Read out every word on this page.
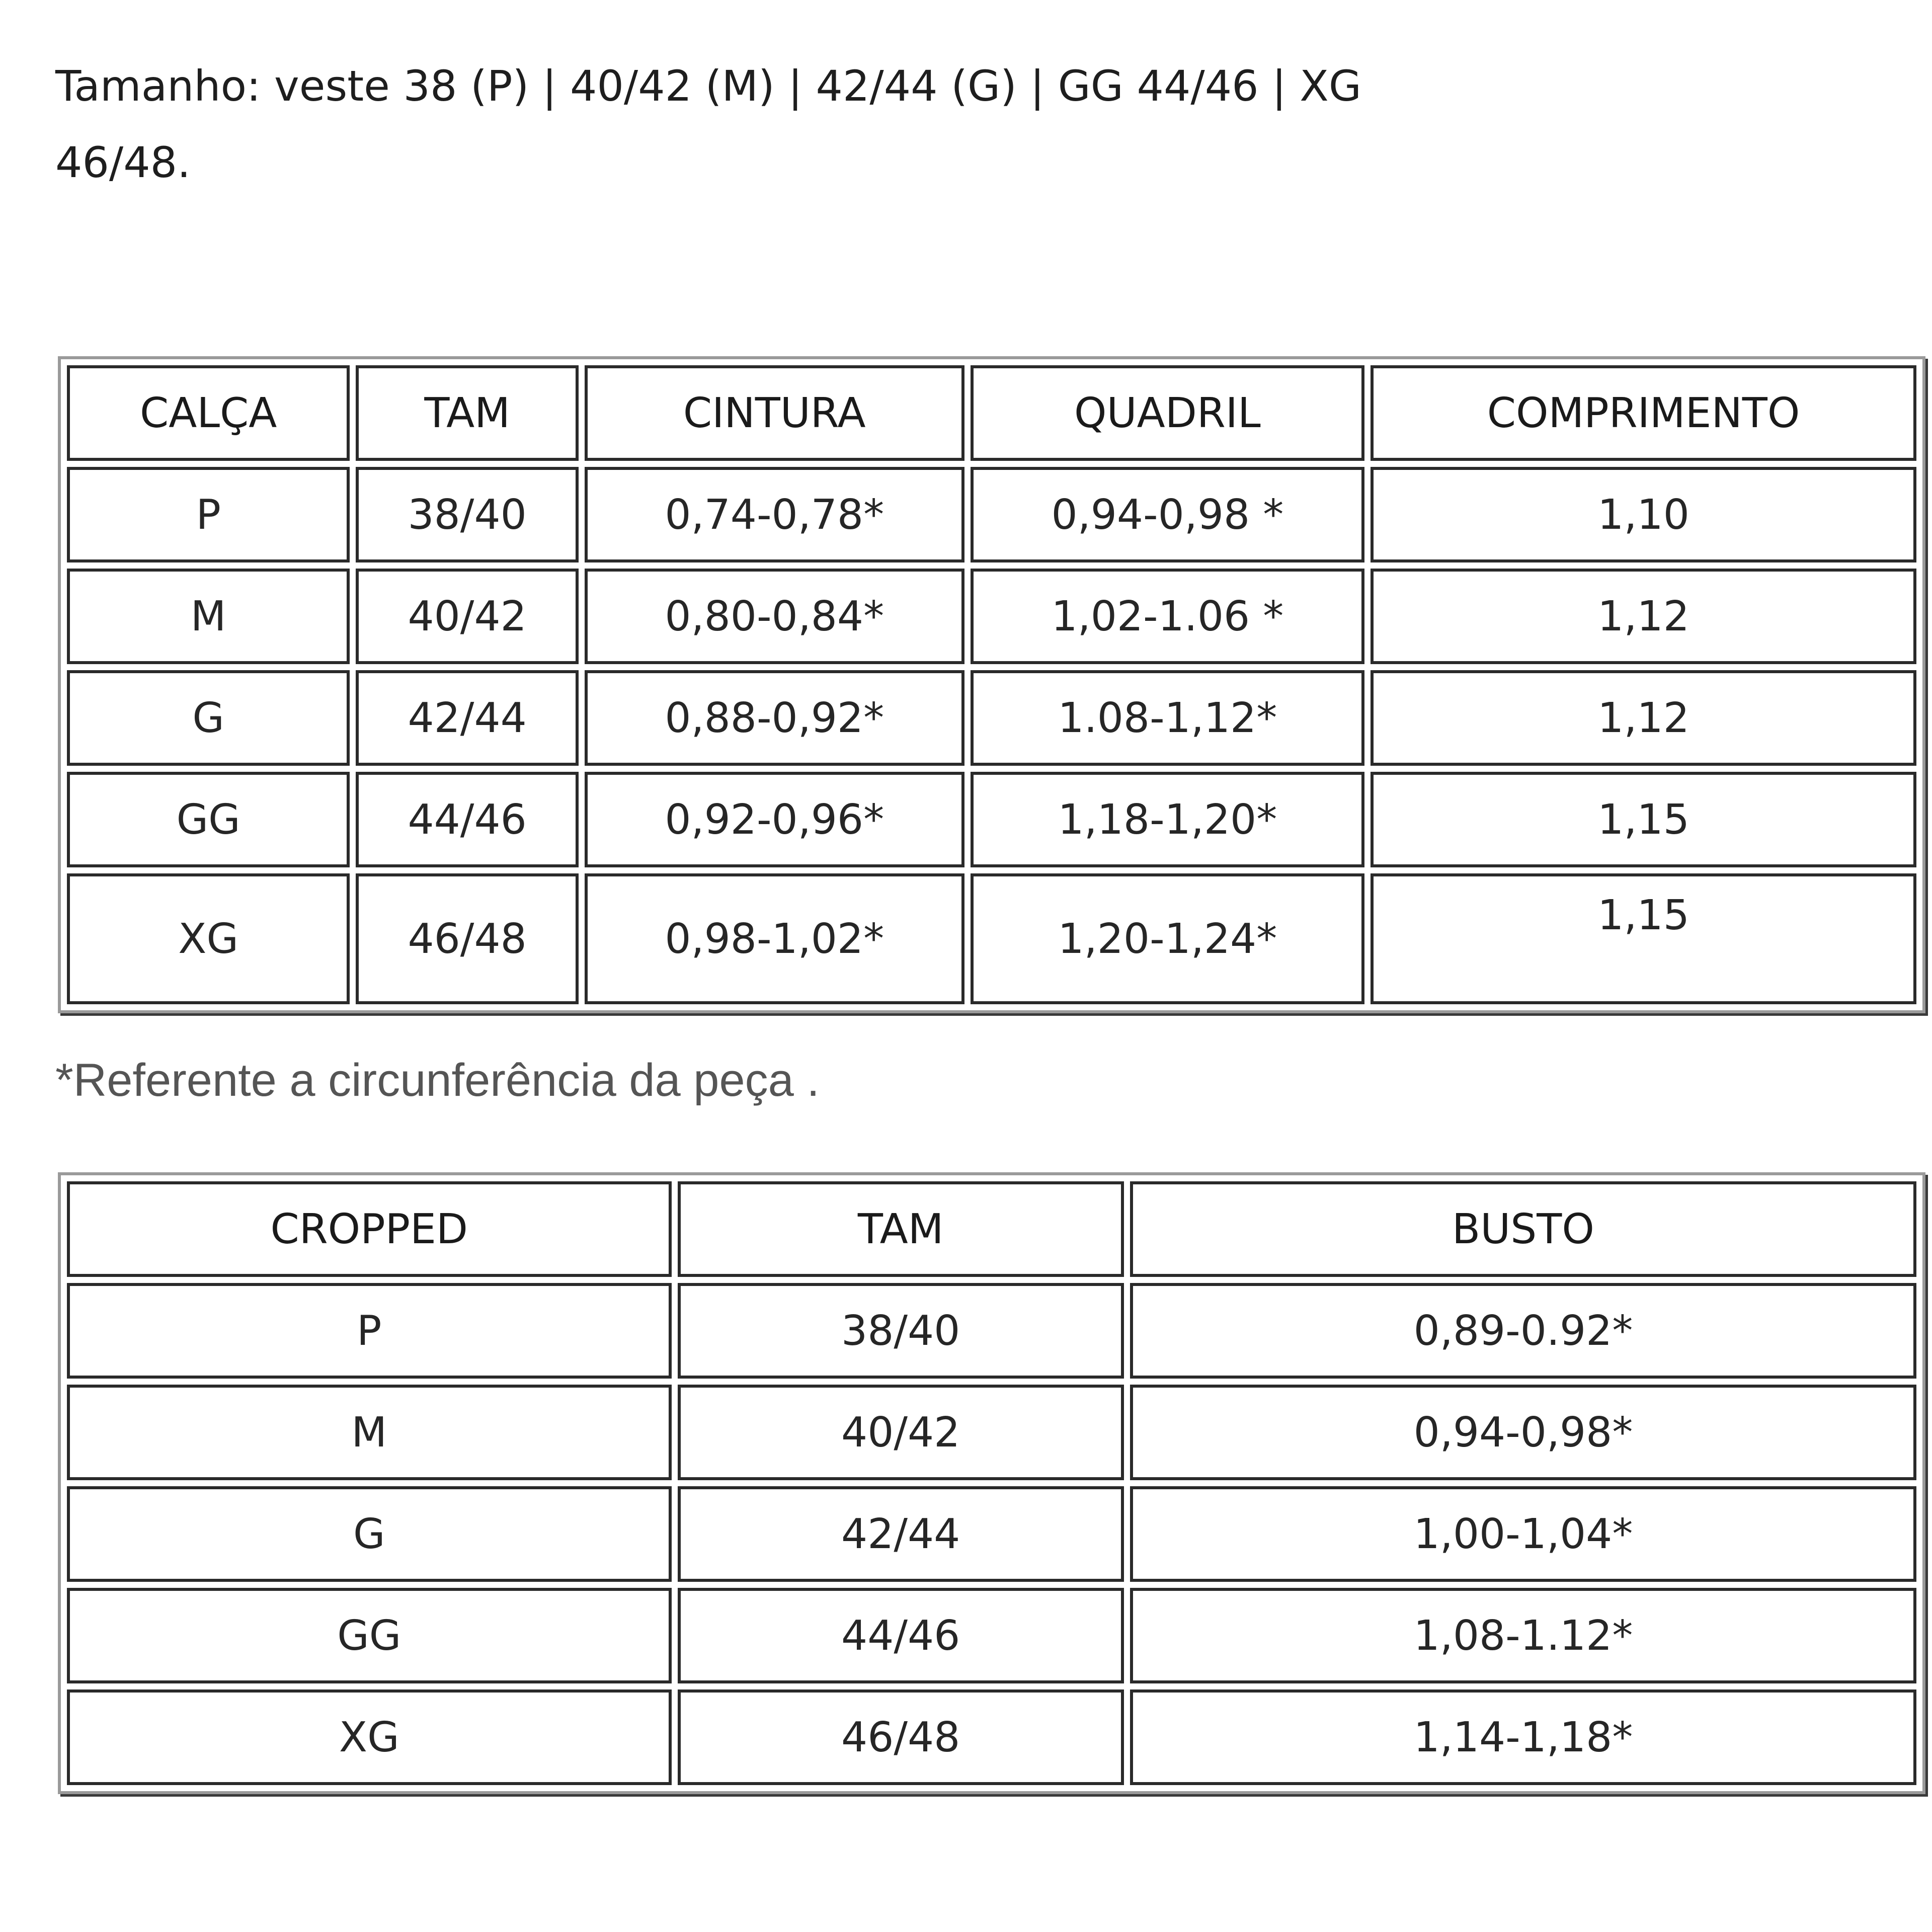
Tamanho: veste 38 (P) | 40/42 (M) | 42/44 (G) | GG 44/46 | XG
46/48.
CALÇA	TAM	CINTURA	QUADRIL	COMPRIMENTO
P	38/40	0,74-0,78*	0,94-0,98 *	1,10
M	40/42	0,80-0,84*	1,02-1.06 *	1,12
G	42/44	0,88-0,92*	1.08-1,12*	1,12
GG	44/46	0,92-0,96*	1,18-1,20*	1,15
XG	46/48	0,98-1,02*	1,20-1,24*	1,15
*Referente a circunferência da peça .
CROPPED	TAM	BUSTO
P	38/40	0,89-0.92*
M	40/42	0,94-0,98*
G	42/44	1,00-1,04*
GG	44/46	1,08-1.12*
XG	46/48	1,14-1,18*
